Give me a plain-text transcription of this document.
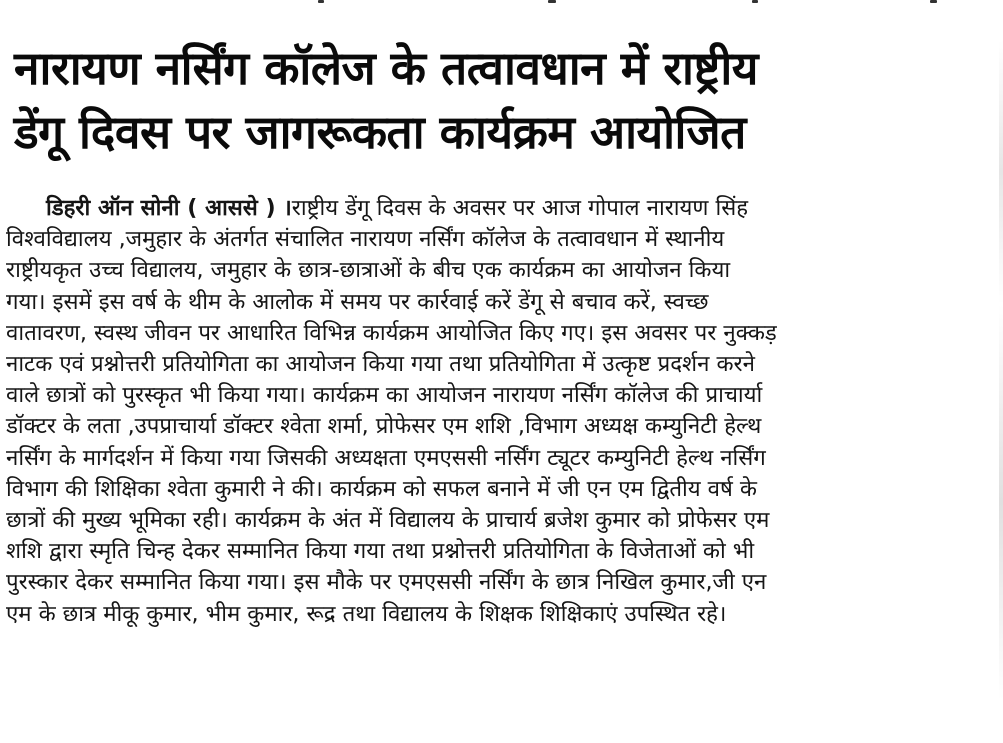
नारायण नर्सिंग कॉलेज के तत्वावधान में राष्ट्रीय
डेंगू दिवस पर जागरूकता कार्यक्रम आयोजित

डिहरी ऑन सोनी ( आससे ) ।राष्ट्रीय डेंगू दिवस के अवसर पर आज गोपाल नारायण सिंह
विश्वविद्यालय ,जमुहार के अंतर्गत संचालित नारायण नर्सिंग कॉलेज के तत्वावधान में स्थानीय
राष्ट्रीयकृत उच्च विद्यालय, जमुहार के छात्र-छात्राओं के बीच एक कार्यक्रम का आयोजन किया
गया। इसमें इस वर्ष के थीम के आलोक में समय पर कार्रवाई करें डेंगू से बचाव करें, स्वच्छ
वातावरण, स्वस्थ जीवन पर आधारित विभिन्न कार्यक्रम आयोजित किए गए। इस अवसर पर नुक्कड़
नाटक एवं प्रश्नोत्तरी प्रतियोगिता का आयोजन किया गया तथा प्रतियोगिता में उत्कृष्ट प्रदर्शन करने
वाले छात्रों को पुरस्कृत भी किया गया। कार्यक्रम का आयोजन नारायण नर्सिंग कॉलेज की प्राचार्या
डॉक्टर के लता ,उपप्राचार्या डॉक्टर श्वेता शर्मा, प्रोफेसर एम शशि ,विभाग अध्यक्ष कम्युनिटी हेल्थ
नर्सिंग के मार्गदर्शन में किया गया जिसकी अध्यक्षता एमएससी नर्सिंग ट्यूटर कम्युनिटी हेल्थ नर्सिंग
विभाग की शिक्षिका श्वेता कुमारी ने की। कार्यक्रम को सफल बनाने में जी एन एम द्वितीय वर्ष के
छात्रों की मुख्य भूमिका रही। कार्यक्रम के अंत में विद्यालय के प्राचार्य ब्रजेश कुमार को प्रोफेसर एम
शशि द्वारा स्मृति चिन्ह देकर सम्मानित किया गया तथा प्रश्नोत्तरी प्रतियोगिता के विजेताओं को भी
पुरस्कार देकर सम्मानित किया गया। इस मौके पर एमएससी नर्सिंग के छात्र निखिल कुमार,जी एन
एम के छात्र मीकू कुमार, भीम कुमार, रूद्र तथा विद्यालय के शिक्षक शिक्षिकाएं उपस्थित रहे।
